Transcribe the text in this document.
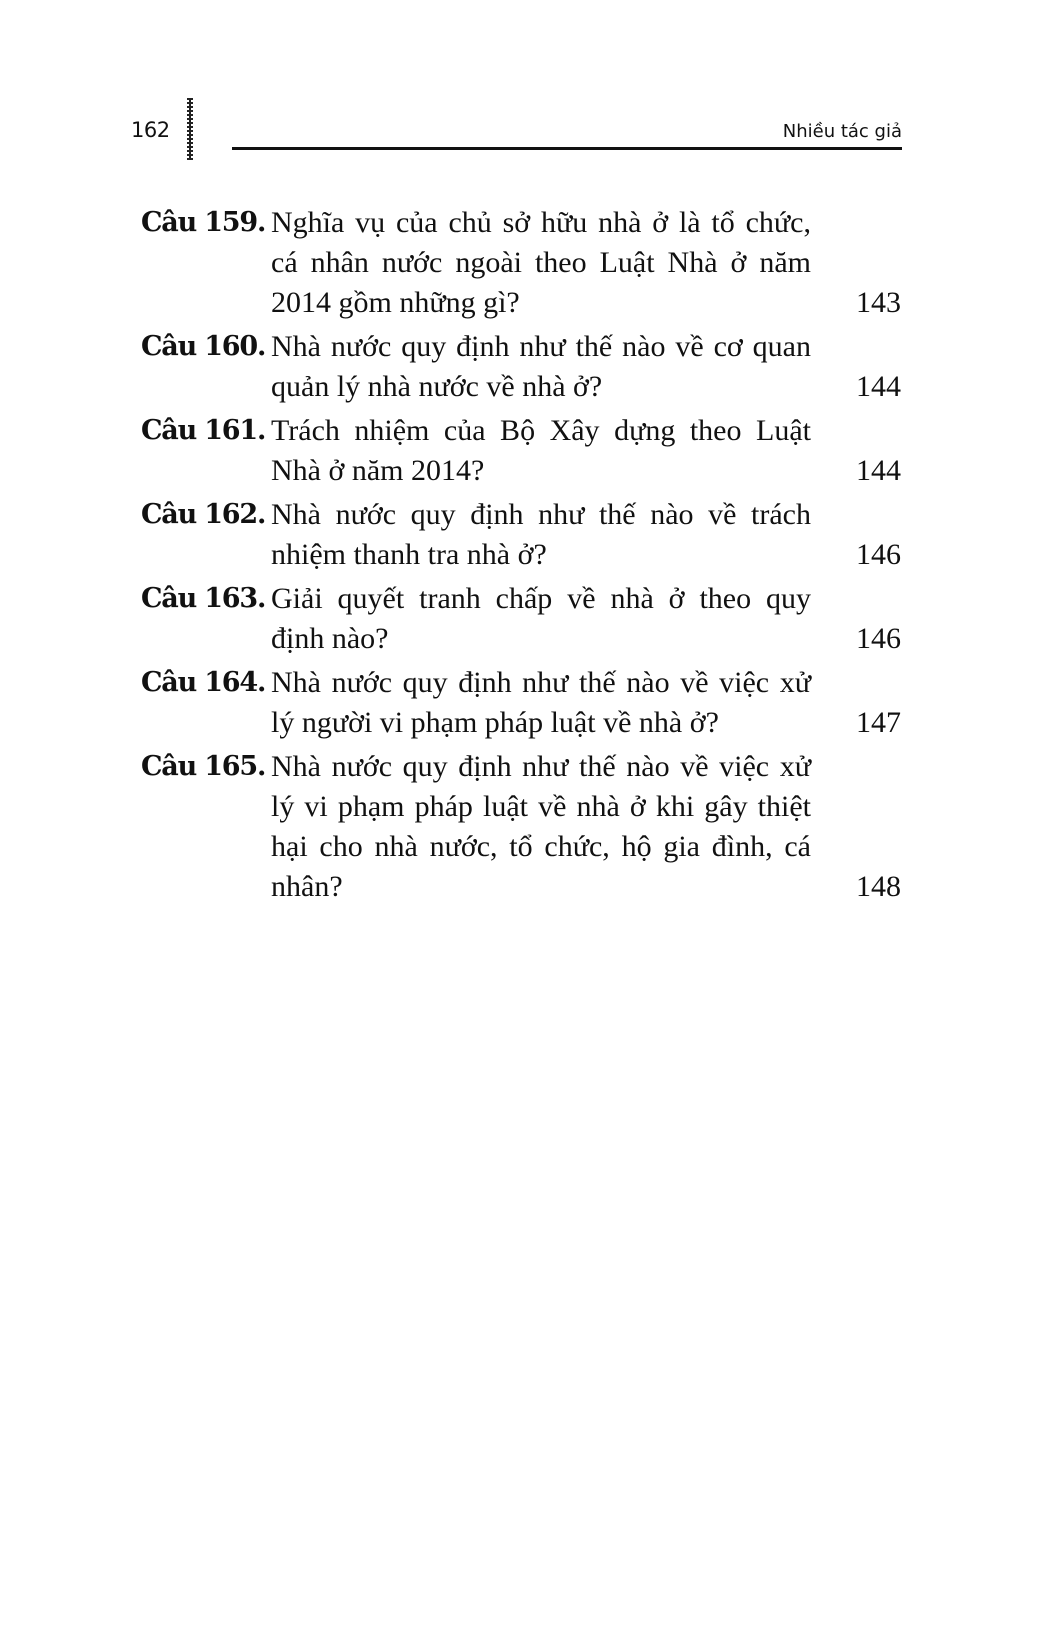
162	Nhiều tác giả
Câu 159. Nghĩa vụ của chủ sở hữu nhà ở là tổ chức, cá nhân nước ngoài theo Luật Nhà ở năm 2014 gồm những gì?	143
Câu 160. Nhà nước quy định như thế nào về cơ quan quản lý nhà nước về nhà ở?	144
Câu 161. Trách nhiệm của Bộ Xây dựng theo Luật Nhà ở năm 2014?	144
Câu 162. Nhà nước quy định như thế nào về trách nhiệm thanh tra nhà ở?	146
Câu 163. Giải quyết tranh chấp về nhà ở theo quy định nào?	146
Câu 164. Nhà nước quy định như thế nào về việc xử lý người vi phạm pháp luật về nhà ở?	147
Câu 165. Nhà nước quy định như thế nào về việc xử lý vi phạm pháp luật về nhà ở khi gây thiệt hại cho nhà nước, tổ chức, hộ gia đình, cá nhân?	148
